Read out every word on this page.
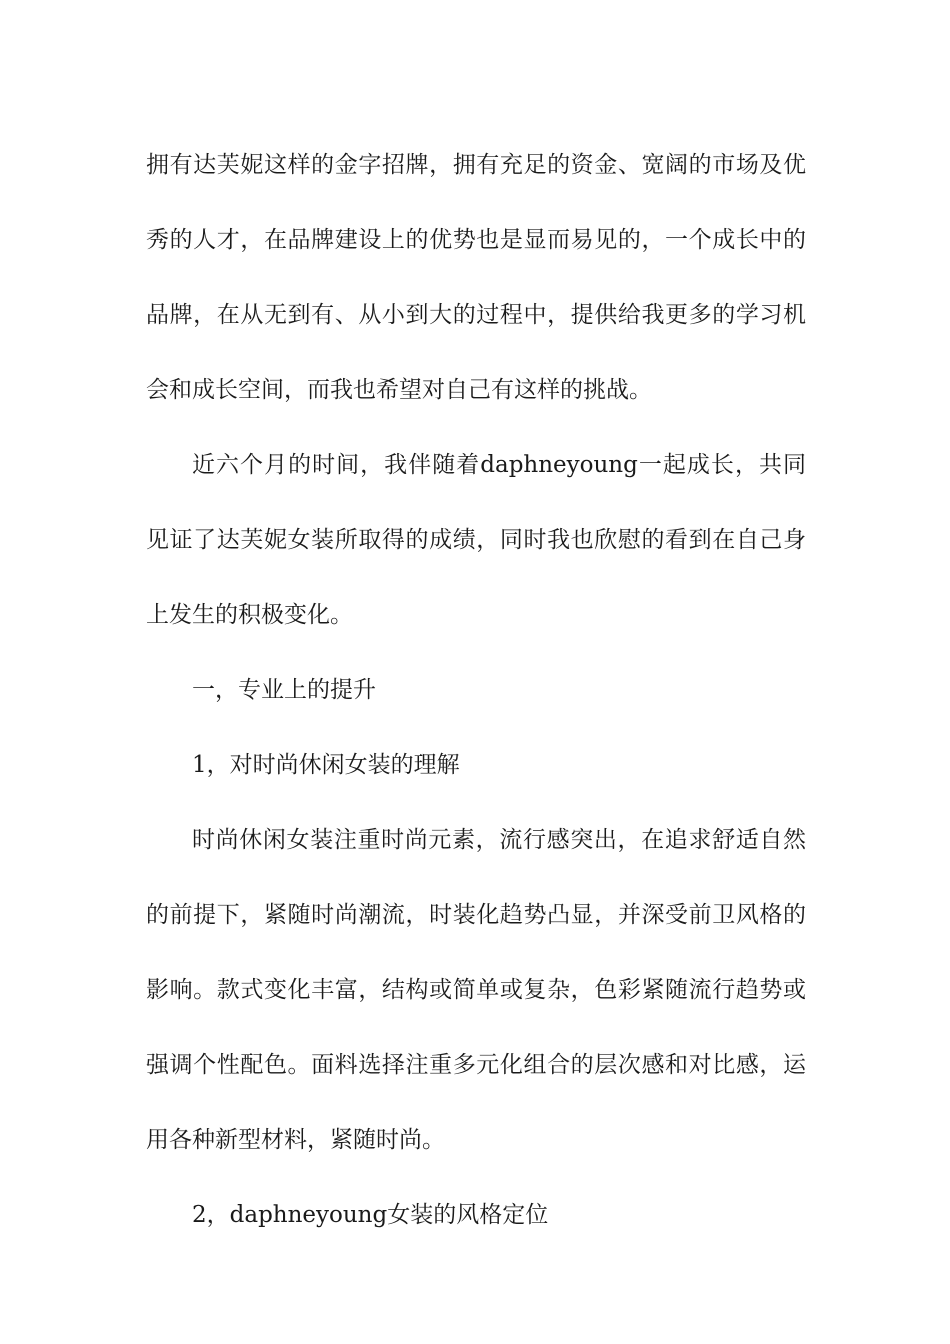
拥有达芙妮这样的金字招牌，拥有充足的资金、宽阔的市场及优秀的人才，在品牌建设上的优势也是显而易见的，一个成长中的品牌，在从无到有、从小到大的过程中，提供给我更多的学习机会和成长空间，而我也希望对自己有这样的挑战。

近六个月的时间，我伴随着daphneyoung一起成长，共同见证了达芙妮女装所取得的成绩，同时我也欣慰的看到在自己身上发生的积极变化。

一，专业上的提升

1，对时尚休闲女装的理解

时尚休闲女装注重时尚元素，流行感突出，在追求舒适自然的前提下，紧随时尚潮流，时装化趋势凸显，并深受前卫风格的影响。款式变化丰富，结构或简单或复杂，色彩紧随流行趋势或强调个性配色。面料选择注重多元化组合的层次感和对比感，运用各种新型材料，紧随时尚。

2，daphneyoung女装的风格定位
